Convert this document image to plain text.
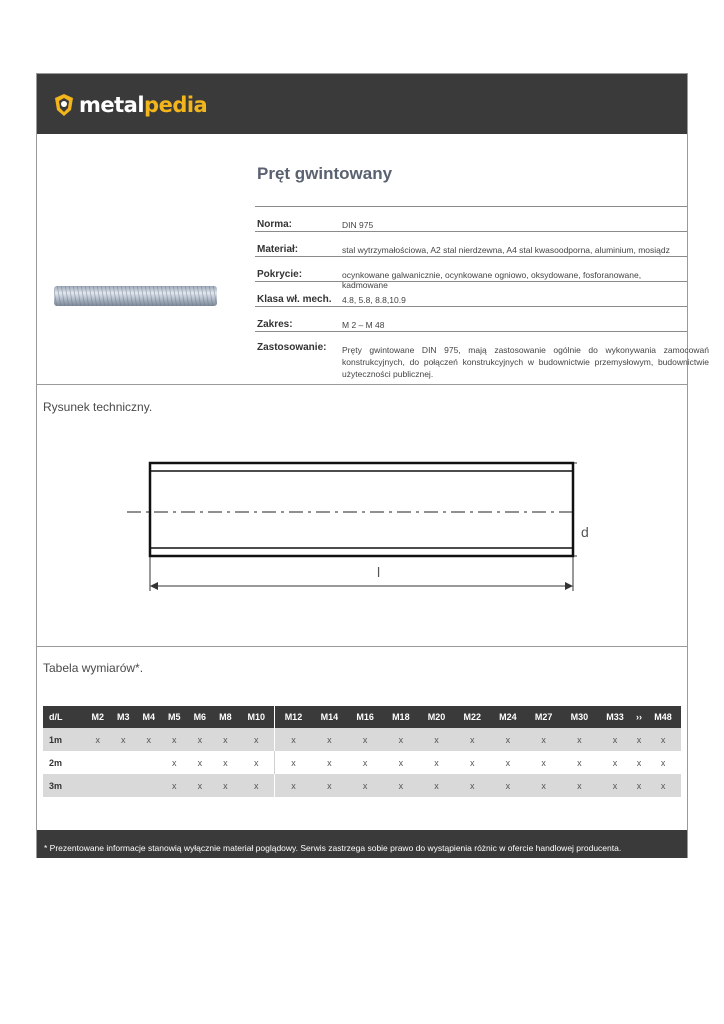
metalpedia
Pręt gwintowany
Norma:	DIN 975
Materiał:	stal wytrzymałościowa, A2 stal nierdzewna, A4 stal kwasoodporna, aluminium, mosiądz
Pokrycie:	ocynkowane galwanicznie, ocynkowane ogniowo, oksydowane, fosforanowane, kadmowane
Klasa wł. mech. 4.8, 5.8, 8.8,10.9
Zakres:	M 2 – M 48
Zastosowanie: Pręty gwintowane DIN 975, mają zastosowanie ogólnie do wykonywania zamocowań konstrukcyjnych, do połączeń konstrukcyjnych w budownictwie przemysłowym, budownictwie użyteczności publicznej.
Rysunek techniczny.
d
l
Tabela wymiarów*.
d/L	M2	M3	M4	M5	M6	M8	M10	M12	M14	M16	M18	M20	M22	M24	M27	M30	M33	››	M48
1m	x	x	x	x	x	x	x	x	x	x	x	x	x	x	x	x	x	x	x
2m				x	x	x	x	x	x	x	x	x	x	x	x	x	x	x	x
3m				x	x	x	x	x	x	x	x	x	x	x	x	x	x	x	x
* Prezentowane informacje stanowią wyłącznie materiał poglądowy. Serwis zastrzega sobie prawo do wystąpienia różnic w ofercie handlowej producenta.
